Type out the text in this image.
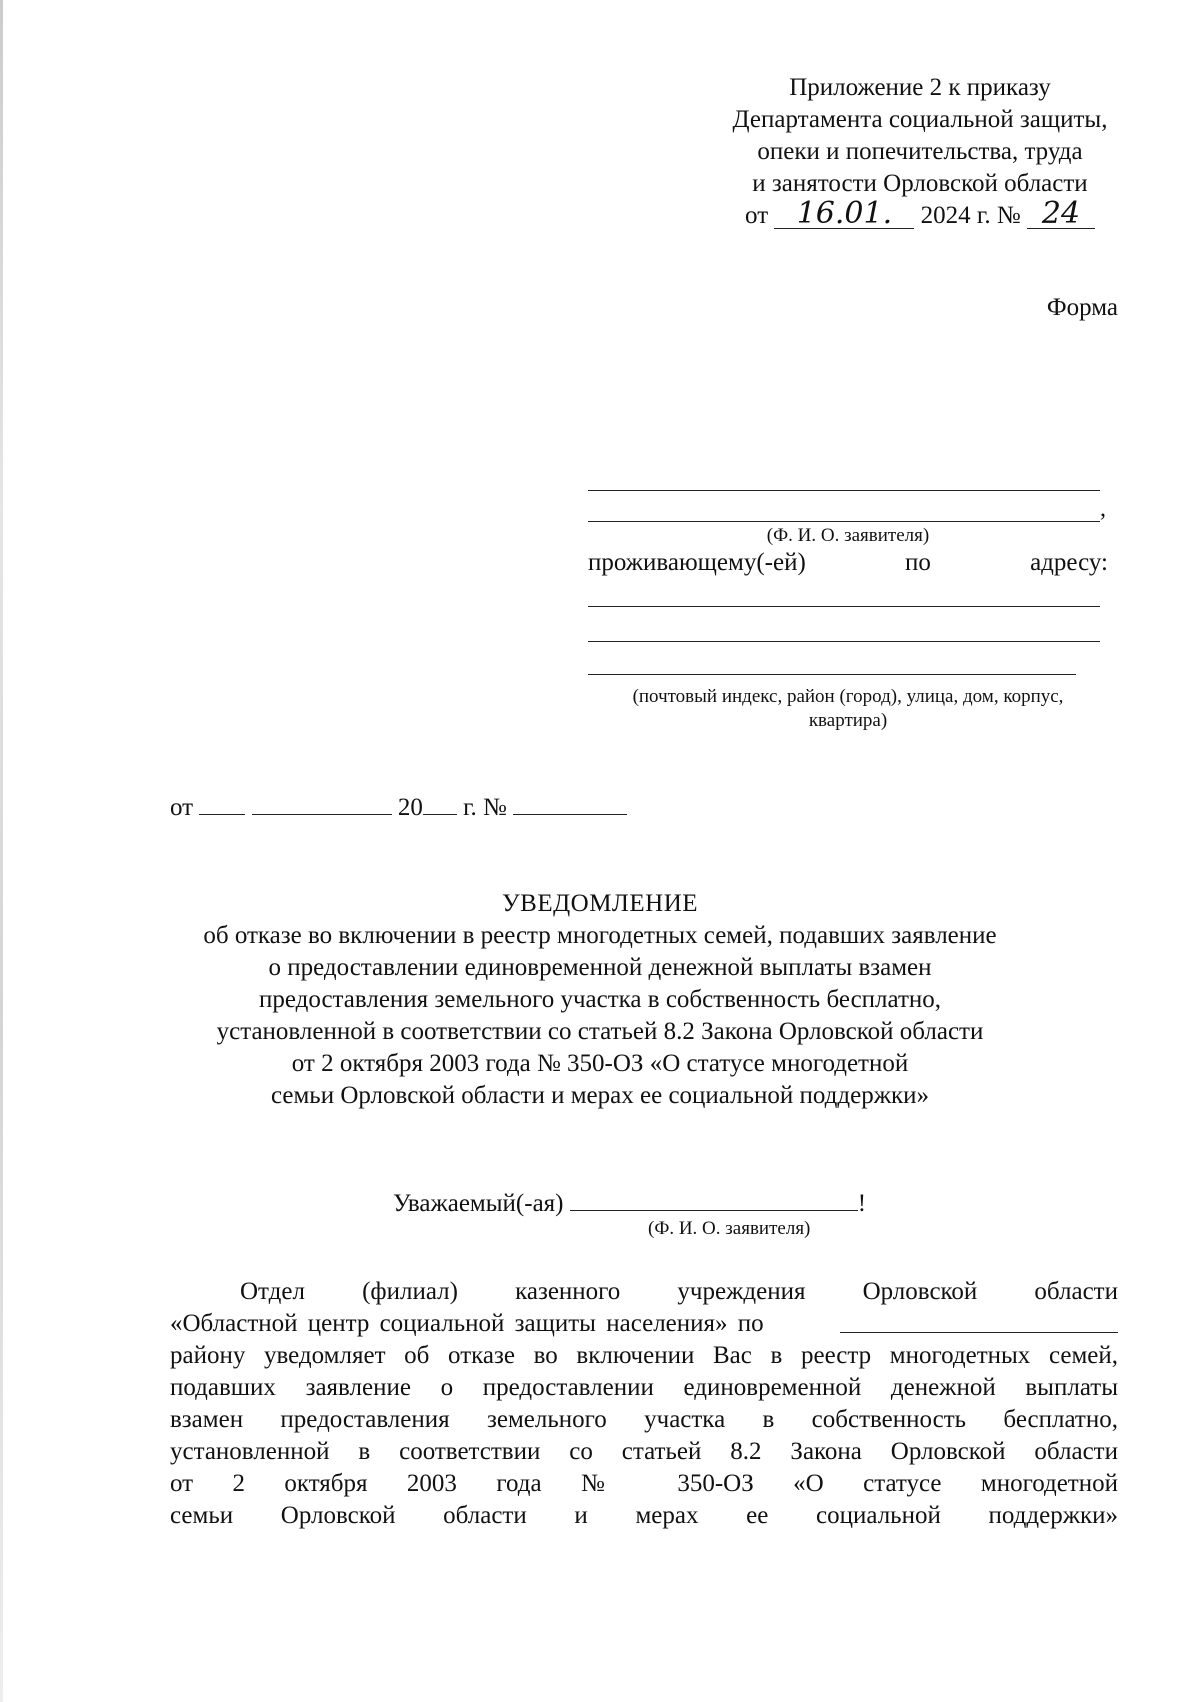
Приложение 2 к приказу
Департамента социальной защиты,
опеки и попечительства, труда
и занятости Орловской области
от 16.01. 2024 г. № 24
Форма
,
(Ф. И. О. заявителя)
проживающему(-ей)	по	адресу:
(почтовый индекс, район (город), улица, дом, корпус,
квартира)
от	20 г. №
УВЕДОМЛЕНИЕ
об отказе во включении в реестр многодетных семей, подавших заявление
о предоставлении единовременной денежной выплаты взамен
предоставления земельного участка в собственность бесплатно,
установленной в соответствии со статьей 8.2 Закона Орловской области
от 2 октября 2003 года № 350-ОЗ «О статусе многодетной
семьи Орловской области и мерах ее социальной поддержки»
Уважаемый(-ая)	!
(Ф. И. О. заявителя)
Отдел (филиал) казенного учреждения Орловской области
«Областной центр социальной защиты населения» по
району уведомляет об отказе во включении Вас в реестр многодетных семей,
подавших заявление о предоставлении единовременной денежной выплаты
взамен предоставления земельного участка в собственность бесплатно,
установленной в соответствии со статьей 8.2 Закона Орловской области
от 2 октября 2003 года № 350-ОЗ «О статусе многодетной
семьи Орловской области и мерах ее социальной поддержки»
